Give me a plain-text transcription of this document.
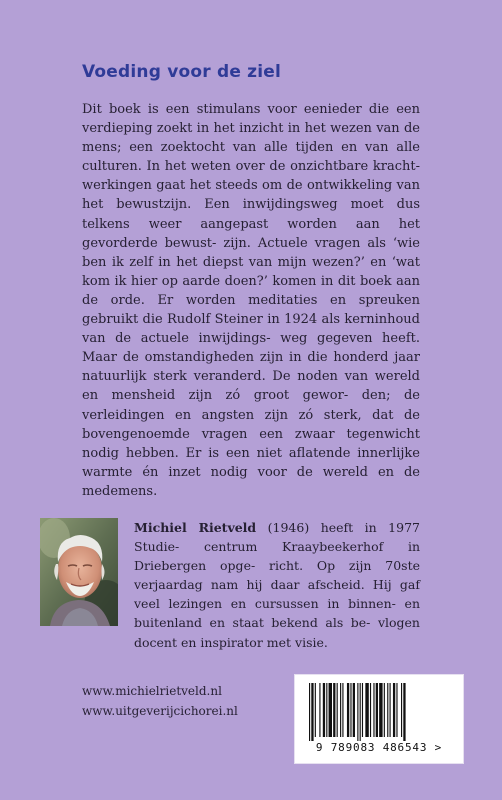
Voeding voor de ziel

Dit boek is een stimulans voor eenieder die een verdieping zoekt in het inzicht in het wezen van de mens; een zoektocht van alle tijden en van alle culturen. In het weten over de onzichtbare kracht- werkingen gaat het steeds om de ontwikkeling van het bewustzijn. Een inwijdingsweg moet dus telkens weer aangepast worden aan het gevorderde bewust- zijn. Actuele vragen als ‘wie ben ik zelf in het diepst van mijn wezen?’ en ‘wat kom ik hier op aarde doen?’ komen in dit boek aan de orde. Er worden meditaties en spreuken gebruikt die Rudolf Steiner in 1924 als kerninhoud van de actuele inwijdings- weg gegeven heeft. Maar de omstandigheden zijn in die honderd jaar natuurlijk sterk veranderd. De noden van wereld en mensheid zijn zó groot gewor- den; de verleidingen en angsten zijn zó sterk, dat de bovengenoemde vragen een zwaar tegenwicht nodig hebben. Er is een niet aflatende innerlijke warmte én inzet nodig voor de wereld en de medemens.

Michiel Rietveld (1946) heeft in 1977 Studie- centrum Kraaybeekerhof in Driebergen opge- richt. Op zijn 70ste verjaardag nam hij daar afscheid. Hij gaf veel lezingen en cursussen in binnen- en buitenland en staat bekend als be- vlogen docent en inspirator met visie.

www.michielrietveld.nl
www.uitgeverijcichorei.nl
9 789083 486543 >
